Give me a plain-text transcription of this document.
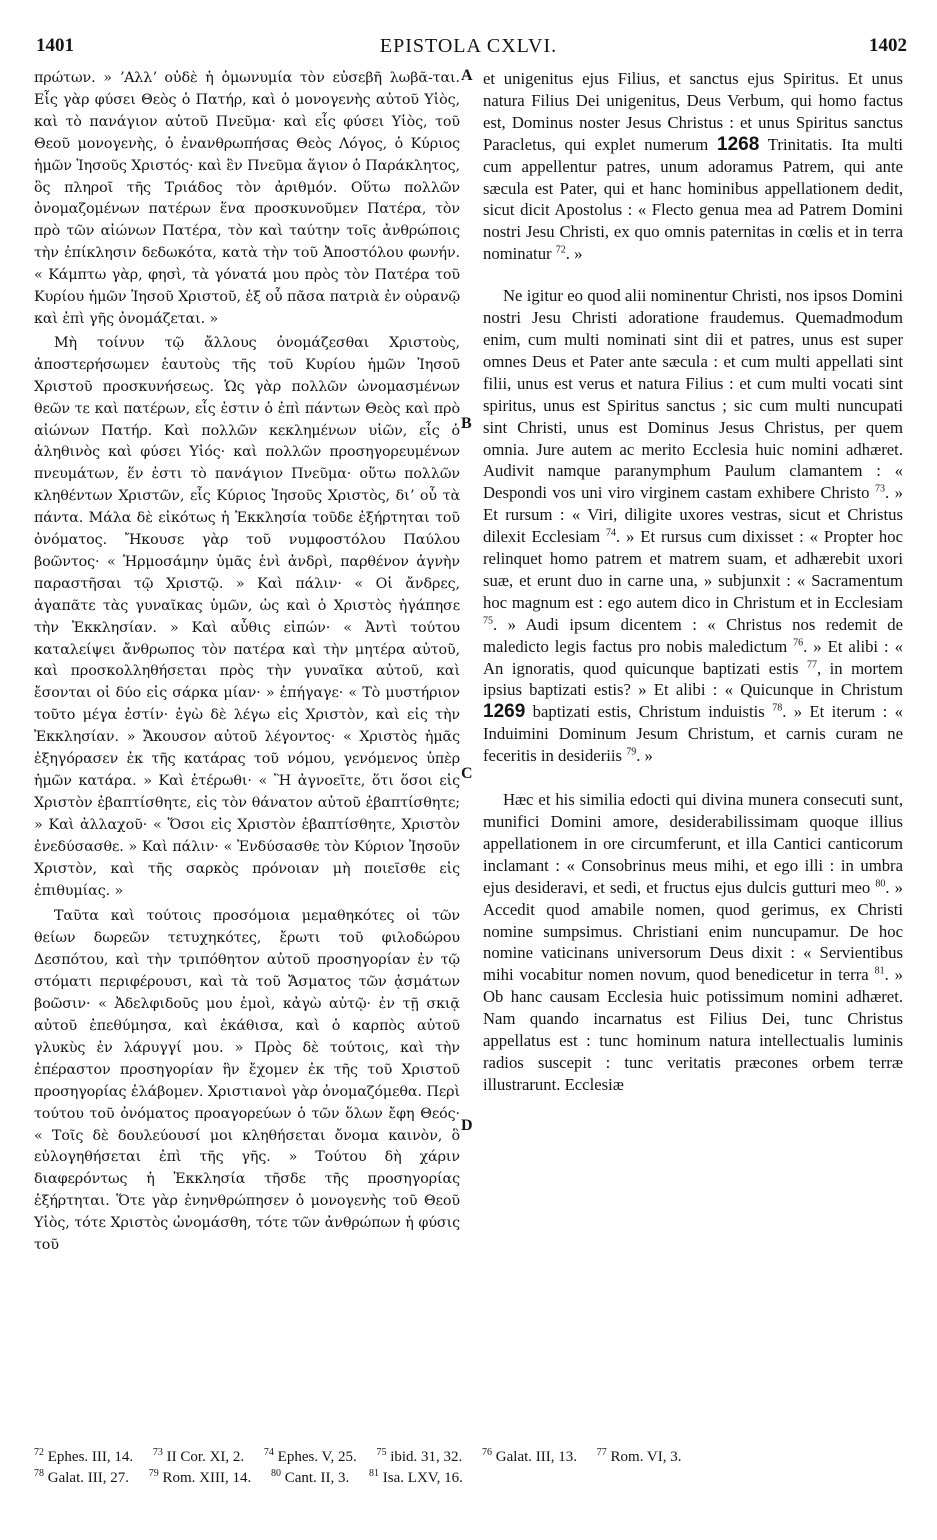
1401	EPISTOLA CXLVI.	1402
A
B
C
D

πρώτων. » ʼΑλλʼ οὐδὲ ἡ ὁμωνυμία τὸν εὐσεβῆ λωβᾶ-ται. Εἷς γὰρ φύσει Θεὸς ὁ Πατήρ, καὶ ὁ μονογενὴς αὐτοῦ Υἱὸς, καὶ τὸ πανάγιον αὐτοῦ Πνεῦμα· καὶ εἷς φύσει Υἱὸς, τοῦ Θεοῦ μονογενὴς, ὁ ἐνανθρωπήσας Θεὸς Λόγος, ὁ Κύριος ἡμῶν Ἰησοῦς Χριστός· καὶ ἓν Πνεῦμα ἅγιον ὁ Παράκλητος, ὃς πληροῖ τῆς Τριάδος τὸν ἀριθμόν. Οὕτω πολλῶν ὀνομαζομένων πατέρων ἕνα προσκυνοῦμεν Πατέρα, τὸν πρὸ τῶν αἰώνων Πατέρα, τὸν καὶ ταύτην τοῖς ἀνθρώποις τὴν ἐπίκλησιν δεδωκότα, κατὰ τὴν τοῦ Ἀποστόλου φωνήν. « Κάμπτω γὰρ, φησὶ, τὰ γόνατά μου πρὸς τὸν Πατέρα τοῦ Κυρίου ἡμῶν Ἰησοῦ Χριστοῦ, ἐξ οὗ πᾶσα πατριὰ ἐν οὐρανῷ καὶ ἐπὶ γῆς ὀνομάζεται. »

Μὴ τοίνυν τῷ ἄλλους ὀνομάζεσθαι Χριστοὺς, ἀποστερήσωμεν ἑαυτοὺς τῆς τοῦ Κυρίου ἡμῶν Ἰησοῦ Χριστοῦ προσκυνήσεως. Ὡς γὰρ πολλῶν ὠνομασμένων θεῶν τε καὶ πατέρων, εἷς ἐστιν ὁ ἐπὶ πάντων Θεὸς καὶ πρὸ αἰώνων Πατήρ. Καὶ πολλῶν κεκλημένων υἱῶν, εἷς ὁ ἀληθινὸς καὶ φύσει Υἱός· καὶ πολλῶν προσηγορευμένων πνευμάτων, ἕν ἐστι τὸ πανάγιον Πνεῦμα· οὕτω πολλῶν κληθέντων Χριστῶν, εἷς Κύριος Ἰησοῦς Χριστὸς, διʼ οὗ τὰ πάντα. Μάλα δὲ εἰκότως ἡ Ἐκκλησία τοῦδε ἐξήρτηται τοῦ ὀνόματος. Ἤκουσε γὰρ τοῦ νυμφοστόλου Παύλου βοῶντος· « Ἡρμοσάμην ὑμᾶς ἑνὶ ἀνδρὶ, παρθένον ἁγνὴν παραστῆσαι τῷ Χριστῷ. » Καὶ πάλιν· « Οἱ ἄνδρες, ἀγαπᾶτε τὰς γυναῖκας ὑμῶν, ὡς καὶ ὁ Χριστὸς ἠγάπησε τὴν Ἐκκλησίαν. » Καὶ αὖθις εἰπών· « Ἀντὶ τούτου καταλείψει ἄνθρωπος τὸν πατέρα καὶ τὴν μητέρα αὐτοῦ, καὶ προσκολληθήσεται πρὸς τὴν γυναῖκα αὐτοῦ, καὶ ἔσονται οἱ δύο εἰς σάρκα μίαν· » ἐπήγαγε· « Τὸ μυστήριον τοῦτο μέγα ἐστίν· ἐγὼ δὲ λέγω εἰς Χριστὸν, καὶ εἰς τὴν Ἐκκλησίαν. » Ἄκουσον αὐτοῦ λέγοντος· « Χριστὸς ἡμᾶς ἐξηγόρασεν ἐκ τῆς κατάρας τοῦ νόμου, γενόμενος ὑπὲρ ἡμῶν κατάρα. » Καὶ ἑτέρωθι· « Ἢ ἀγνοεῖτε, ὅτι ὅσοι εἰς Χριστὸν ἐβαπτίσθητε, εἰς τὸν θάνατον αὐτοῦ ἐβαπτίσθητε; » Καὶ ἀλλαχοῦ· « Ὅσοι εἰς Χριστὸν ἐβαπτίσθητε, Χριστὸν ἐνεδύσασθε. » Καὶ πάλιν· « Ἐνδύσασθε τὸν Κύριον Ἰησοῦν Χριστὸν, καὶ τῆς σαρκὸς πρόνοιαν μὴ ποιεῖσθε εἰς ἐπιθυμίας. »

Ταῦτα καὶ τούτοις προσόμοια μεμαθηκότες οἱ τῶν θείων δωρεῶν τετυχηκότες, ἔρωτι τοῦ φιλοδώρου Δεσπότου, καὶ τὴν τριπόθητον αὐτοῦ προσηγορίαν ἐν τῷ στόματι περιφέρουσι, καὶ τὰ τοῦ Ἄσματος τῶν ᾀσμάτων βοῶσιν· « Ἀδελφιδοῦς μου ἐμοὶ, κἀγὼ αὐτῷ· ἐν τῇ σκιᾷ αὐτοῦ ἐπεθύμησα, καὶ ἐκάθισα, καὶ ὁ καρπὸς αὐτοῦ γλυκὺς ἐν λάρυγγί μου. » Πρὸς δὲ τούτοις, καὶ τὴν ἐπέραστον προσηγορίαν ἣν ἔχομεν ἐκ τῆς τοῦ Χριστοῦ προσηγορίας ἐλάβομεν. Χριστιανοὶ γὰρ ὀνομαζόμεθα. Περὶ τούτου τοῦ ὀνόματος προαγορεύων ὁ τῶν ὅλων ἔφη Θεός· « Τοῖς δὲ δουλεύουσί μοι κληθήσεται ὄνομα καινὸν, ὃ εὐλογηθήσεται ἐπὶ τῆς γῆς. » Τούτου δὴ χάριν διαφερόντως ἡ Ἐκκλησία τῆσδε τῆς προσηγορίας ἐξήρτηται. Ὅτε γὰρ ἐνηνθρώπησεν ὁ μονογενὴς τοῦ Θεοῦ Υἱὸς, τότε Χριστὸς ὠνομάσθη, τότε τῶν ἀνθρώπων ἡ φύσις τοῦ

et unigenitus ejus Filius, et sanctus ejus Spiritus. Et unus natura Filius Dei unigenitus, Deus Verbum, qui homo factus est, Dominus noster Jesus Christus : et unus Spiritus sanctus Paracletus, qui explet numerum 1268 Trinitatis. Ita multi cum appellentur patres, unum adoramus Patrem, qui ante sæcula est Pater, qui et hanc hominibus appellationem dedit, sicut dicit Apostolus : « Flecto genua mea ad Patrem Domini nostri Jesu Christi, ex quo omnis paternitas in cœlis et in terra nominatur $^{72}$. »

Ne igitur eo quod alii nominentur Christi, nos ipsos Domini nostri Jesu Christi adoratione fraudemus. Quemadmodum enim, cum multi nominati sint dii et patres, unus est super omnes Deus et Pater ante sæcula : et cum multi appellati sint filii, unus est verus et natura Filius : et cum multi vocati sint spiritus, unus est Spiritus sanctus ; sic cum multi nuncupati sint Christi, unus est Dominus Jesus Christus, per quem omnia. Jure autem ac merito Ecclesia huic nomini adhæret. Audivit namque paranymphum Paulum clamantem : « Despondi vos uni viro virginem castam exhibere Christo $^{73}$. » Et rursum : « Viri, diligite uxores vestras, sicut et Christus dilexit Ecclesiam $^{74}$. » Et rursus cum dixisset : « Propter hoc relinquet homo patrem et matrem suam, et adhærebit uxori suæ, et erunt duo in carne una, » subjunxit : « Sacramentum hoc magnum est : ego autem dico in Christum et in Ecclesiam $^{75}$. » Audi ipsum dicentem : « Christus nos redemit de maledicto legis factus pro nobis maledictum $^{76}$. » Et alibi : « An ignoratis, quod quicunque baptizati estis $^{77}$, in mortem ipsius baptizati estis? » Et alibi : « Quicunque in Christum 1269 baptizati estis, Christum induistis $^{78}$. » Et iterum : « Induimini Dominum Jesum Christum, et carnis curam ne feceritis in desideriis $^{79}$. »

Hæc et his similia edocti qui divina munera consecuti sunt, munifici Domini amore, desiderabilissimam quoque illius appellationem in ore circumferunt, et illa Cantici canticorum inclamant : « Consobrinus meus mihi, et ego illi : in umbra ejus desideravi, et sedi, et fructus ejus dulcis gutturi meo $^{80}$. » Accedit quod amabile nomen, quod gerimus, ex Christi nomine sumpsimus. Christiani enim nuncupamur. De hoc nomine vaticinans universorum Deus dixit : « Servientibus mihi vocabitur nomen novum, quod benedicetur in terra $^{81}$. » Ob hanc causam Ecclesia huic potissimum nomini adhæret. Nam quando incarnatus est Filius Dei, tunc Christus appellatus est : tunc hominum natura intellectualis luminis radios suscepit : tunc veritatis præcones orbem terræ illustrarunt. Ecclesiæ

$^{72}$ Ephes. III, 14. $^{73}$ II Cor. XI, 2. $^{74}$ Ephes. V, 25. $^{75}$ ibid. 31, 32. $^{76}$ Galat. III, 13. $^{77}$ Rom. VI, 3.
$^{78}$ Galat. III, 27. $^{79}$ Rom. XIII, 14. $^{80}$ Cant. II, 3. $^{81}$ Isa. LXV, 16.
